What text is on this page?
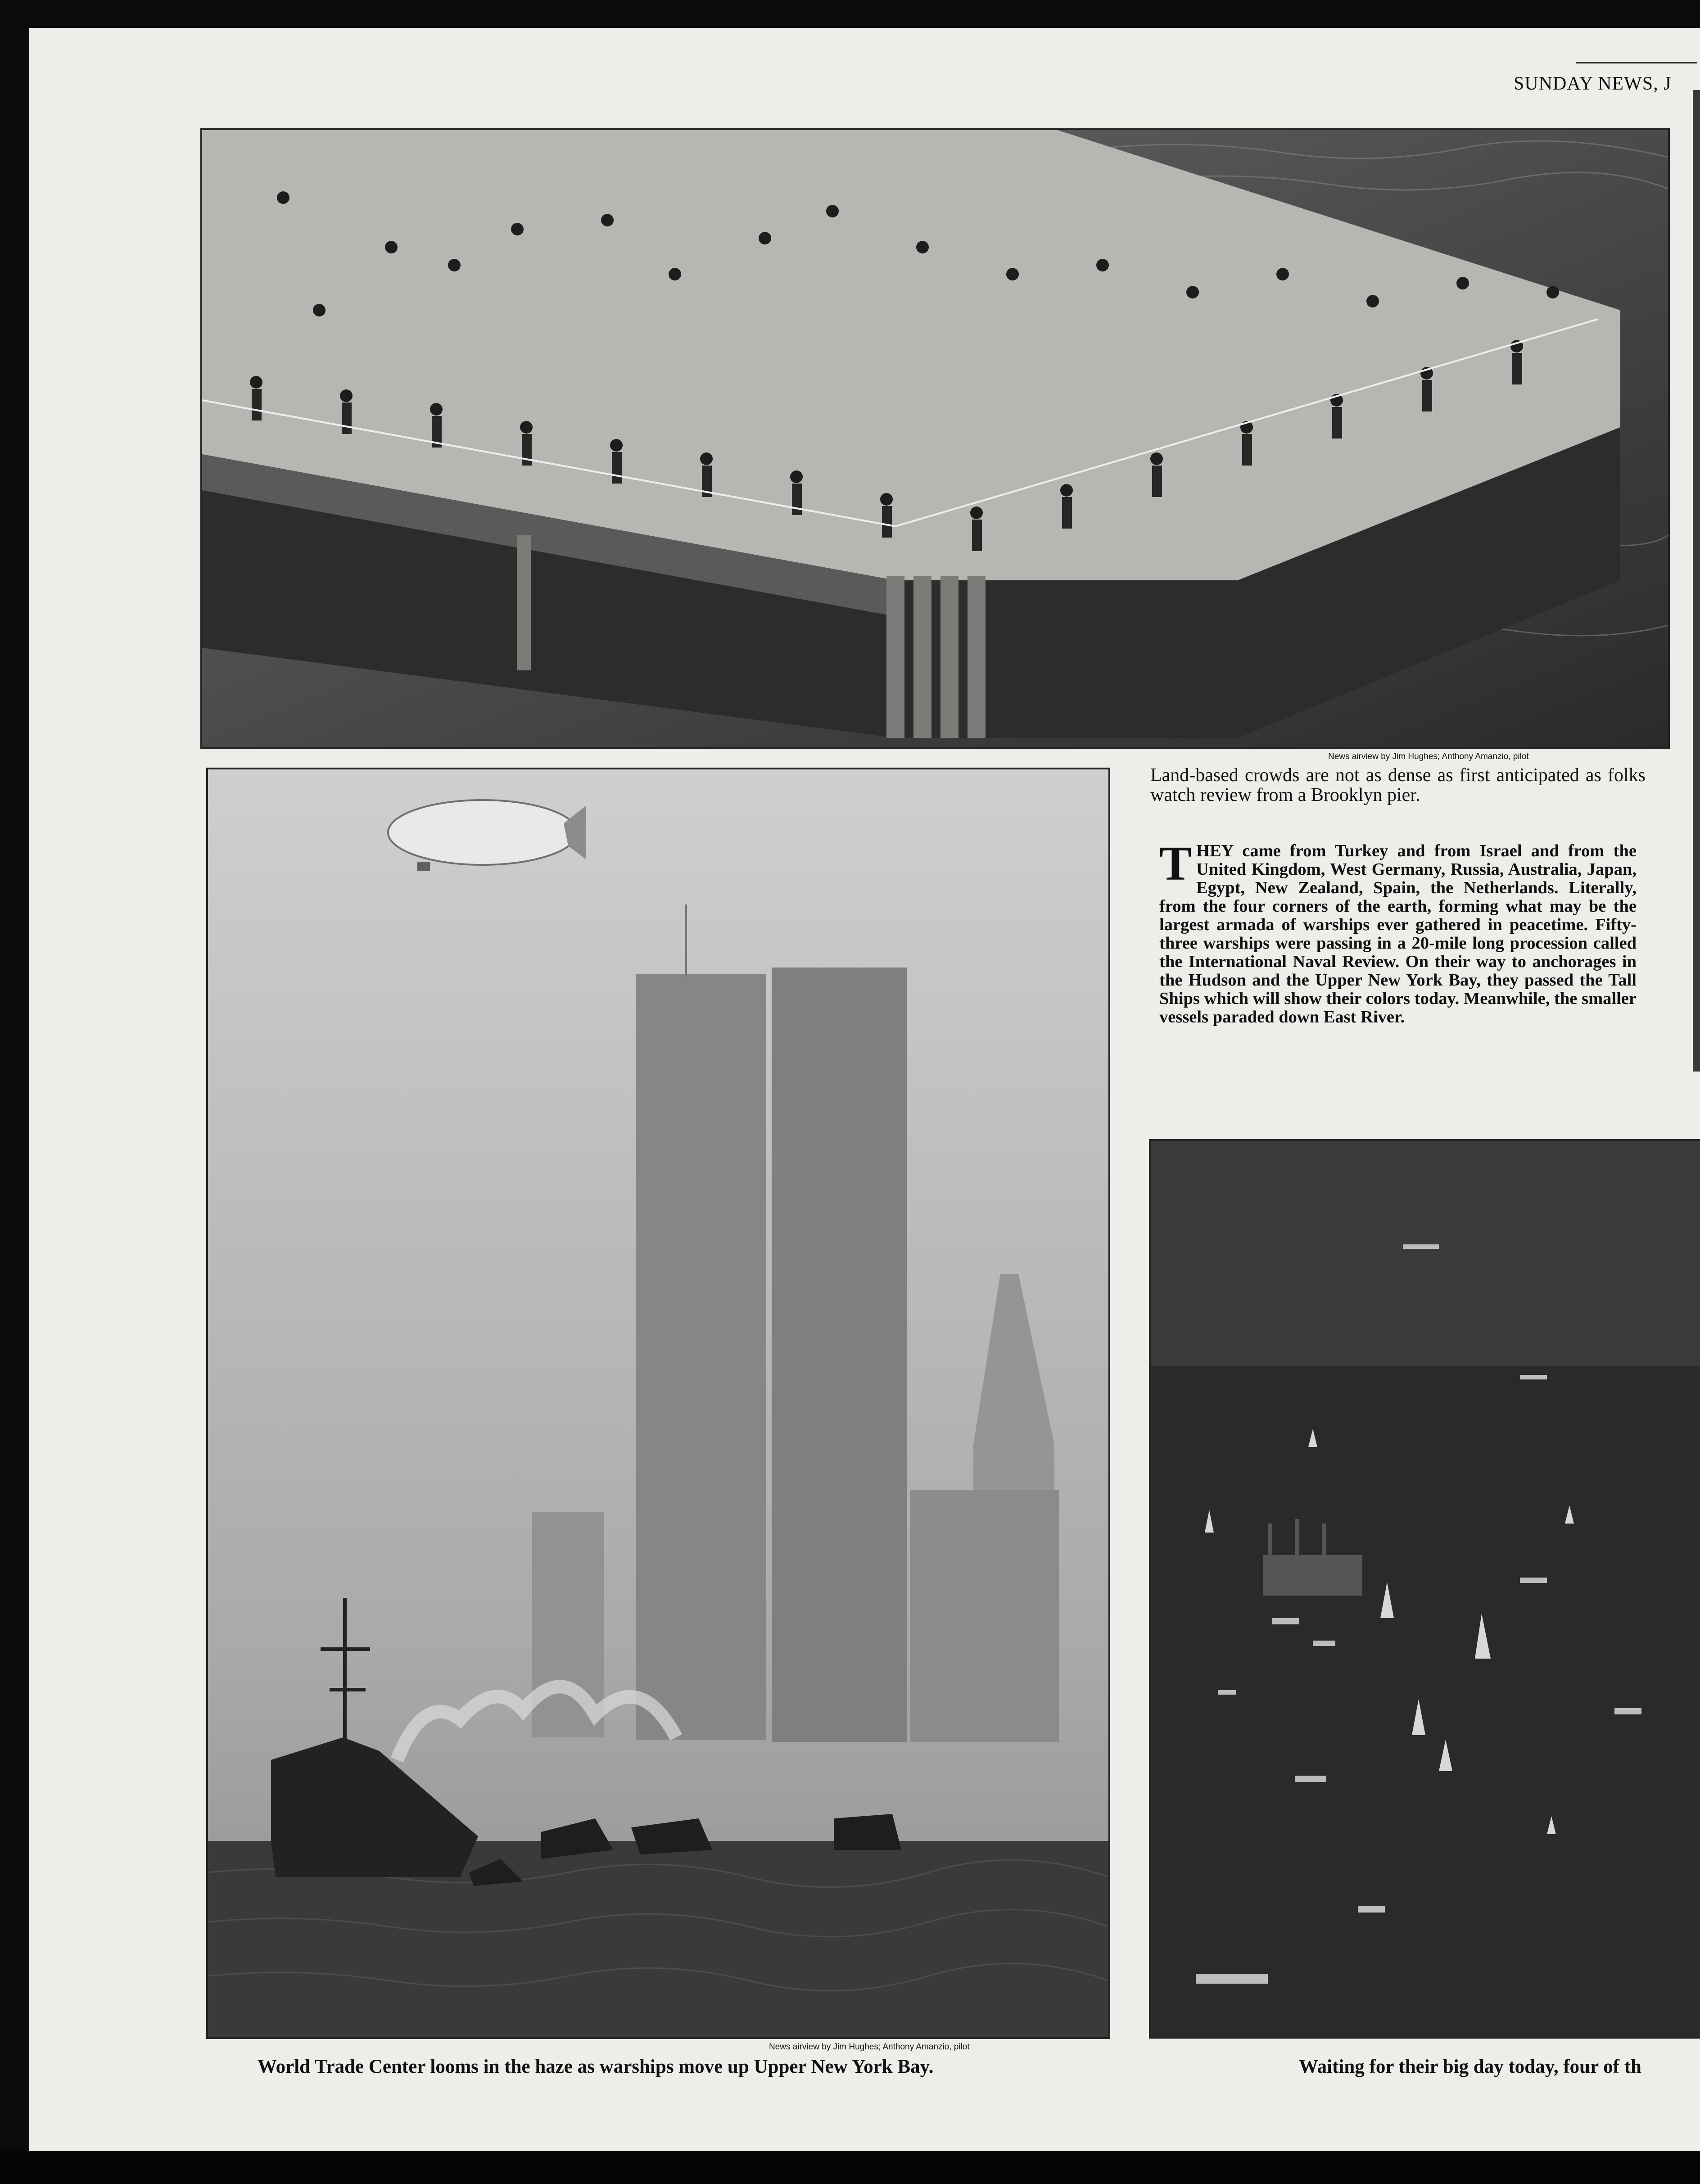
SUNDAY NEWS, J
News airview by Jim Hughes; Anthony Amanzio, pilot
Land-based crowds are not as dense as first anticipated as folks watch review from a Brooklyn pier.
THEY came from Turkey and from Israel and from the United Kingdom, West Germany, Russia, Australia, Japan, Egypt, New Zealand, Spain, the Netherlands. Literally, from the four corners of the earth, forming what may be the largest armada of warships ever gathered in peacetime. Fifty-three warships were passing in a 20-mile long procession called the International Naval Review. On their way to anchorages in the Hudson and the Upper New York Bay, they passed the Tall Ships which will show their colors today. Meanwhile, the smaller vessels paraded down East River.
News airview by Jim Hughes; Anthony Amanzio, pilot
World Trade Center looms in the haze as warships move up Upper New York Bay.	Waiting for their big day today, four of th
